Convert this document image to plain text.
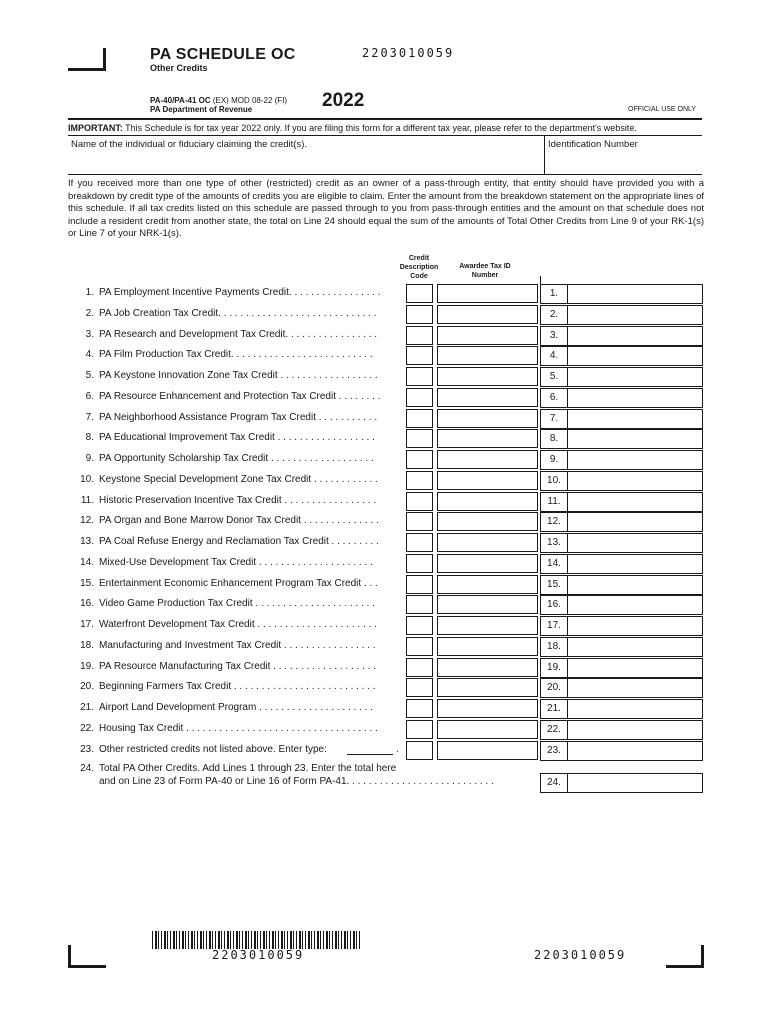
PA SCHEDULE OC
Other Credits
2203010059
PA-40/PA-41 OC (EX) MOD 08-22 (FI)
PA Department of Revenue	2022	OFFICIAL USE ONLY
IMPORTANT: This Schedule is for tax year 2022 only. If you are filing this form for a different tax year, please refer to the department's website.
Name of the individual or fiduciary claiming the credit(s).	Identification Number
If you received more than one type of other (restricted) credit as an owner of a pass-through entity, that entity should have provided you with a breakdown by credit type of the amounts of credits you are eligible to claim. Enter the amount from the breakdown statement on the appropriate lines of this schedule. If all tax credits listed on this schedule are passed through to you from pass-through entities and the amount on that schedule does not include a resident credit from another state, the total on Line 24 should equal the sum of the amounts of Total Other Credits from Line 9 of your RK-1(s) or Line 7 of your NRK-1(s).
Credit Description Code
Awardee Tax ID Number
1. PA Employment Incentive Payments Credit. . . . . . . . . . . . . . . . .	1.
2. PA Job Creation Tax Credit. . . . . . . . . . . . . . . . . . . . . . . . . . . . .	2.
3. PA Research and Development Tax Credit. . . . . . . . . . . . . . . . .	3.
4. PA Film Production Tax Credit. . . . . . . . . . . . . . . . . . . . . . . . . .	4.
5. PA Keystone Innovation Zone Tax Credit . . . . . . . . . . . . . . . . . .	5.
6. PA Resource Enhancement and Protection Tax Credit . . . . . . . .	6.
7. PA Neighborhood Assistance Program Tax Credit . . . . . . . . . . .	7.
8. PA Educational Improvement Tax Credit . . . . . . . . . . . . . . . . . .	8.
9. PA Opportunity Scholarship Tax Credit . . . . . . . . . . . . . . . . . . .	9.
10. Keystone Special Development Zone Tax Credit . . . . . . . . . . . .	10.
11. Historic Preservation Incentive Tax Credit . . . . . . . . . . . . . . . . .	11.
12. PA Organ and Bone Marrow Donor Tax Credit . . . . . . . . . . . . . .	12.
13. PA Coal Refuse Energy and Reclamation Tax Credit . . . . . . . . .	13.
14. Mixed-Use Development Tax Credit . . . . . . . . . . . . . . . . . . . . .	14.
15. Entertainment Economic Enhancement Program Tax Credit . . .	15.
16. Video Game Production Tax Credit . . . . . . . . . . . . . . . . . . . . . .	16.
17. Waterfront Development Tax Credit . . . . . . . . . . . . . . . . . . . . . .	17.
18. Manufacturing and Investment Tax Credit . . . . . . . . . . . . . . . . .	18.
19. PA Resource Manufacturing Tax Credit . . . . . . . . . . . . . . . . . . .	19.
20. Beginning Farmers Tax Credit . . . . . . . . . . . . . . . . . . . . . . . . . .	20.
21. Airport Land Development Program . . . . . . . . . . . . . . . . . . . . .	21.
22. Housing Tax Credit . . . . . . . . . . . . . . . . . . . . . . . . . . . . . . . . . . .	22.
23. Other restricted credits not listed above. Enter type:	.	23.
24. Total PA Other Credits. Add Lines 1 through 23. Enter the total here
and on Line 23 of Form PA-40 or Line 16 of Form PA-41. . . . . . . . . . . . . . . . . . . . . . . . . . .	24.
2203010059	2203010059
